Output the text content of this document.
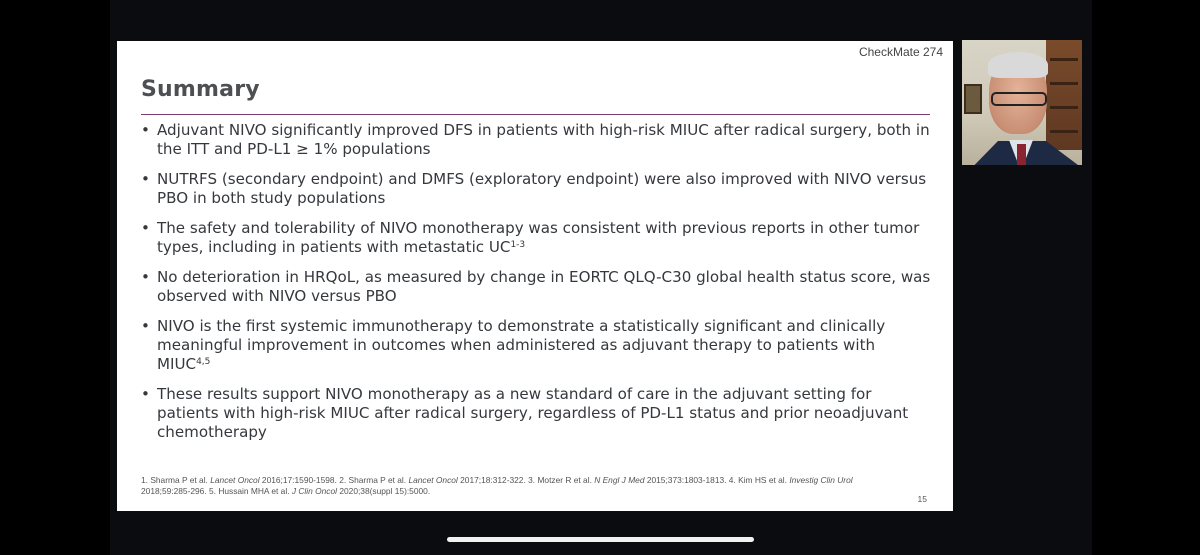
CheckMate 274
Summary
• Adjuvant NIVO significantly improved DFS in patients with high-risk MIUC after radical surgery, both in the ITT and PD-L1 ≥ 1% populations
• NUTRFS (secondary endpoint) and DMFS (exploratory endpoint) were also improved with NIVO versus PBO in both study populations
• The safety and tolerability of NIVO monotherapy was consistent with previous reports in other tumor types, including in patients with metastatic UC$^{1-3}$
• No deterioration in HRQoL, as measured by change in EORTC QLQ-C30 global health status score, was observed with NIVO versus PBO
• NIVO is the first systemic immunotherapy to demonstrate a statistically significant and clinically meaningful improvement in outcomes when administered as adjuvant therapy to patients with MIUC$^{4,5}$
• These results support NIVO monotherapy as a new standard of care in the adjuvant setting for patients with high-risk MIUC after radical surgery, regardless of PD-L1 status and prior neoadjuvant chemotherapy
1. Sharma P et al. Lancet Oncol 2016;17:1590-1598. 2. Sharma P et al. Lancet Oncol 2017;18:312-322. 3. Motzer R et al. N Engl J Med 2015;373:1803-1813. 4. Kim HS et al. Investig Clin Urol 2018;59:285-296. 5. Hussain MHA et al. J Clin Oncol 2020;38(suppl 15):5000.
15
